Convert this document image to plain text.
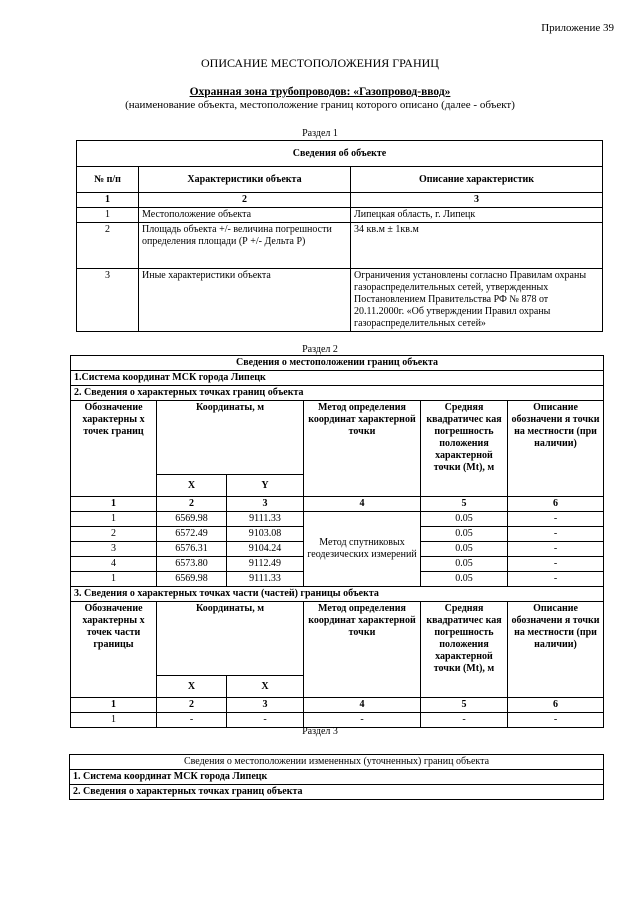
Приложение 39
ОПИСАНИЕ МЕСТОПОЛОЖЕНИЯ ГРАНИЦ
Охранная зона трубопроводов: «Газопровод-ввод»
(наименование объекта, местоположение границ которого описано (далее - объект)
Раздел 1
Сведения об объекте		
№ п/п	Характеристики объекта	Описание характеристик
1	2	3
1	Местоположение объекта	Липецкая область, г. Липецк
2	Площадь объекта +/- величина погрешности определения площади (Р +/- Дельта Р)	34 кв.м ± 1кв.м
3	Иные характеристики объекта	Ограничения установлены согласно Правилам охраны газораспределительных сетей, утвержденных Постановлением Правительства РФ № 878 от 20.11.2000г. «Об утверждении Правил охраны газораспределительных сетей»
Раздел 2
Сведения о местоположении границ объекта					
1.Система координат МСК города Липецк					
2. Сведения о характерных точках границ объекта					
Обозначение характерны х точек границ	Координаты, м		Метод определения координат характерной точки	Средняя квадратичес кая погрешность положения характерной точки (Mt), м	Описание обозначени я точки на местности (при наличии)
	X	Y			
1	2	3	4	5	6
1	6569.98	9111.33	Метод спутниковых геодезических измерений	0.05	-
2	6572.49	9103.08		0.05	-
3	6576.31	9104.24		0.05	-
4	6573.80	9112.49		0.05	-
1	6569.98	9111.33		0.05	-
3. Сведения о характерных точках части (частей) границы объекта					
Обозначение характерны х точек части границы	Координаты, м		Метод определения координат характерной точки	Средняя квадратичес кая погрешность положения характерной точки (Mt), м	Описание обозначени я точки на местности (при наличии)
	X	X			
1	2	3	4	5	6
1	-	-	-	-	-
Раздел 3
Сведения о местоположении измененных (уточненных) границ объекта
1. Система координат МСК города Липецк
2. Сведения о характерных точках границ объекта
